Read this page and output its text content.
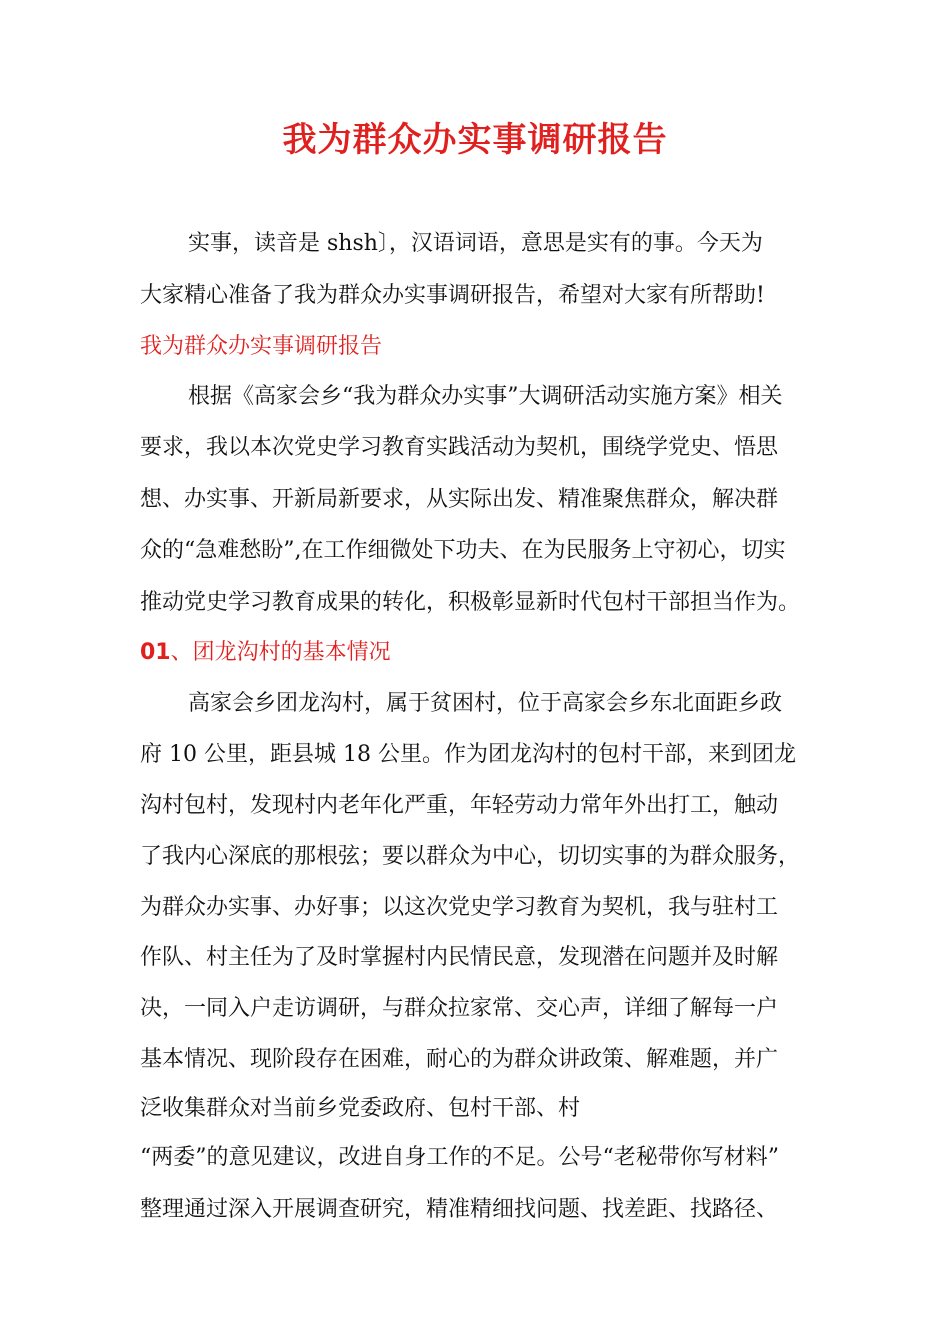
我为群众办实事调研报告
实事，读音是 shsh〕，汉语词语，意思是实有的事。今天为
大家精心准备了我为群众办实事调研报告，希望对大家有所帮助!
我为群众办实事调研报告
根据《高家会乡“我为群众办实事”大调研活动实施方案》相关
要求，我以本次党史学习教育实践活动为契机，围绕学党史、悟思
想、办实事、开新局新要求，从实际出发、精准聚焦群众，解决群
众的“急难愁盼”,在工作细微处下功夫、在为民服务上守初心，切实
推动党史学习教育成果的转化，积极彰显新时代包村干部担当作为。
01、团龙沟村的基本情况
高家会乡团龙沟村，属于贫困村，位于高家会乡东北面距乡政
府 10 公里，距县城 18 公里。作为团龙沟村的包村干部，来到团龙
沟村包村，发现村内老年化严重，年轻劳动力常年外出打工，触动
了我内心深底的那根弦；要以群众为中心，切切实事的为群众服务，
为群众办实事、办好事；以这次党史学习教育为契机，我与驻村工
作队、村主任为了及时掌握村内民情民意，发现潜在问题并及时解
决，一同入户走访调研，与群众拉家常、交心声，详细了解每一户
基本情况、现阶段存在困难，耐心的为群众讲政策、解难题，并广
泛收集群众对当前乡党委政府、包村干部、村
“两委”的意见建议，改进自身工作的不足。公号“老秘带你写材料”
整理通过深入开展调查研究，精准精细找问题、找差距、找路径、
